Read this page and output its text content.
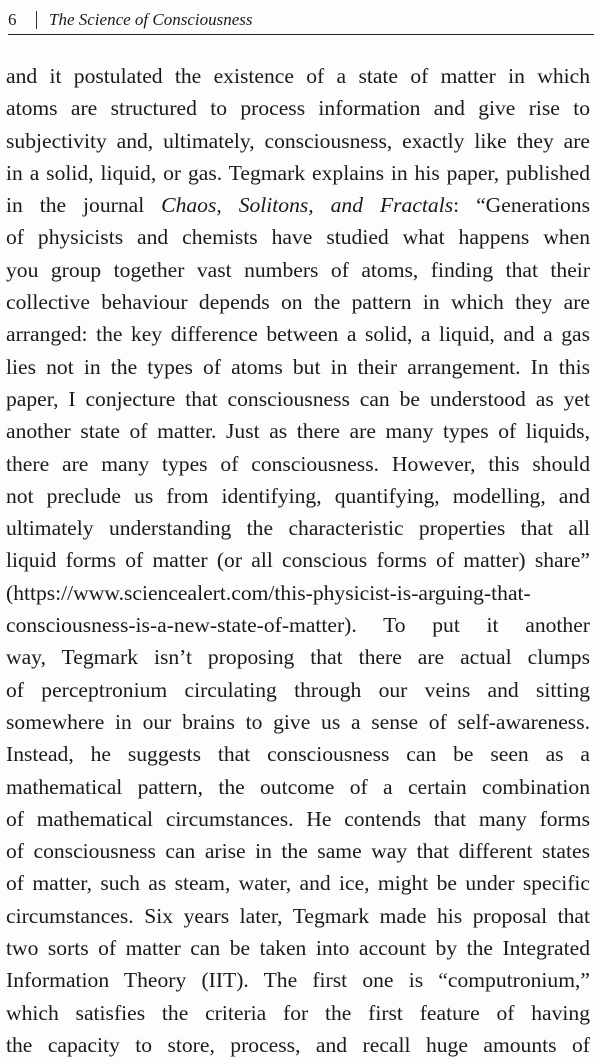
6	The Science of Consciousness
and it postulated the existence of a state of matter in which
atoms are structured to process information and give rise to
subjectivity and, ultimately, consciousness, exactly like they are
in a solid, liquid, or gas. Tegmark explains in his paper, published
in the journal Chaos, Solitons, and Fractals: “Generations
of physicists and chemists have studied what happens when
you group together vast numbers of atoms, finding that their
collective behaviour depends on the pattern in which they are
arranged: the key difference between a solid, a liquid, and a gas
lies not in the types of atoms but in their arrangement. In this
paper, I conjecture that consciousness can be understood as yet
another state of matter. Just as there are many types of liquids,
there are many types of consciousness. However, this should
not preclude us from identifying, quantifying, modelling, and
ultimately understanding the characteristic properties that all
liquid forms of matter (or all conscious forms of matter) share”
(https://www.sciencealert.com/this-physicist-is-arguing-that-
consciousness-is-a-new-state-of-matter). To put it another
way, Tegmark isn’t proposing that there are actual clumps
of perceptronium circulating through our veins and sitting
somewhere in our brains to give us a sense of self-awareness.
Instead, he suggests that consciousness can be seen as a
mathematical pattern, the outcome of a certain combination
of mathematical circumstances. He contends that many forms
of consciousness can arise in the same way that different states
of matter, such as steam, water, and ice, might be under specific
circumstances. Six years later, Tegmark made his proposal that
two sorts of matter can be taken into account by the Integrated
Information Theory (IIT). The first one is “computronium,”
which satisfies the criteria for the first feature of having
the capacity to store, process, and recall huge amounts of
